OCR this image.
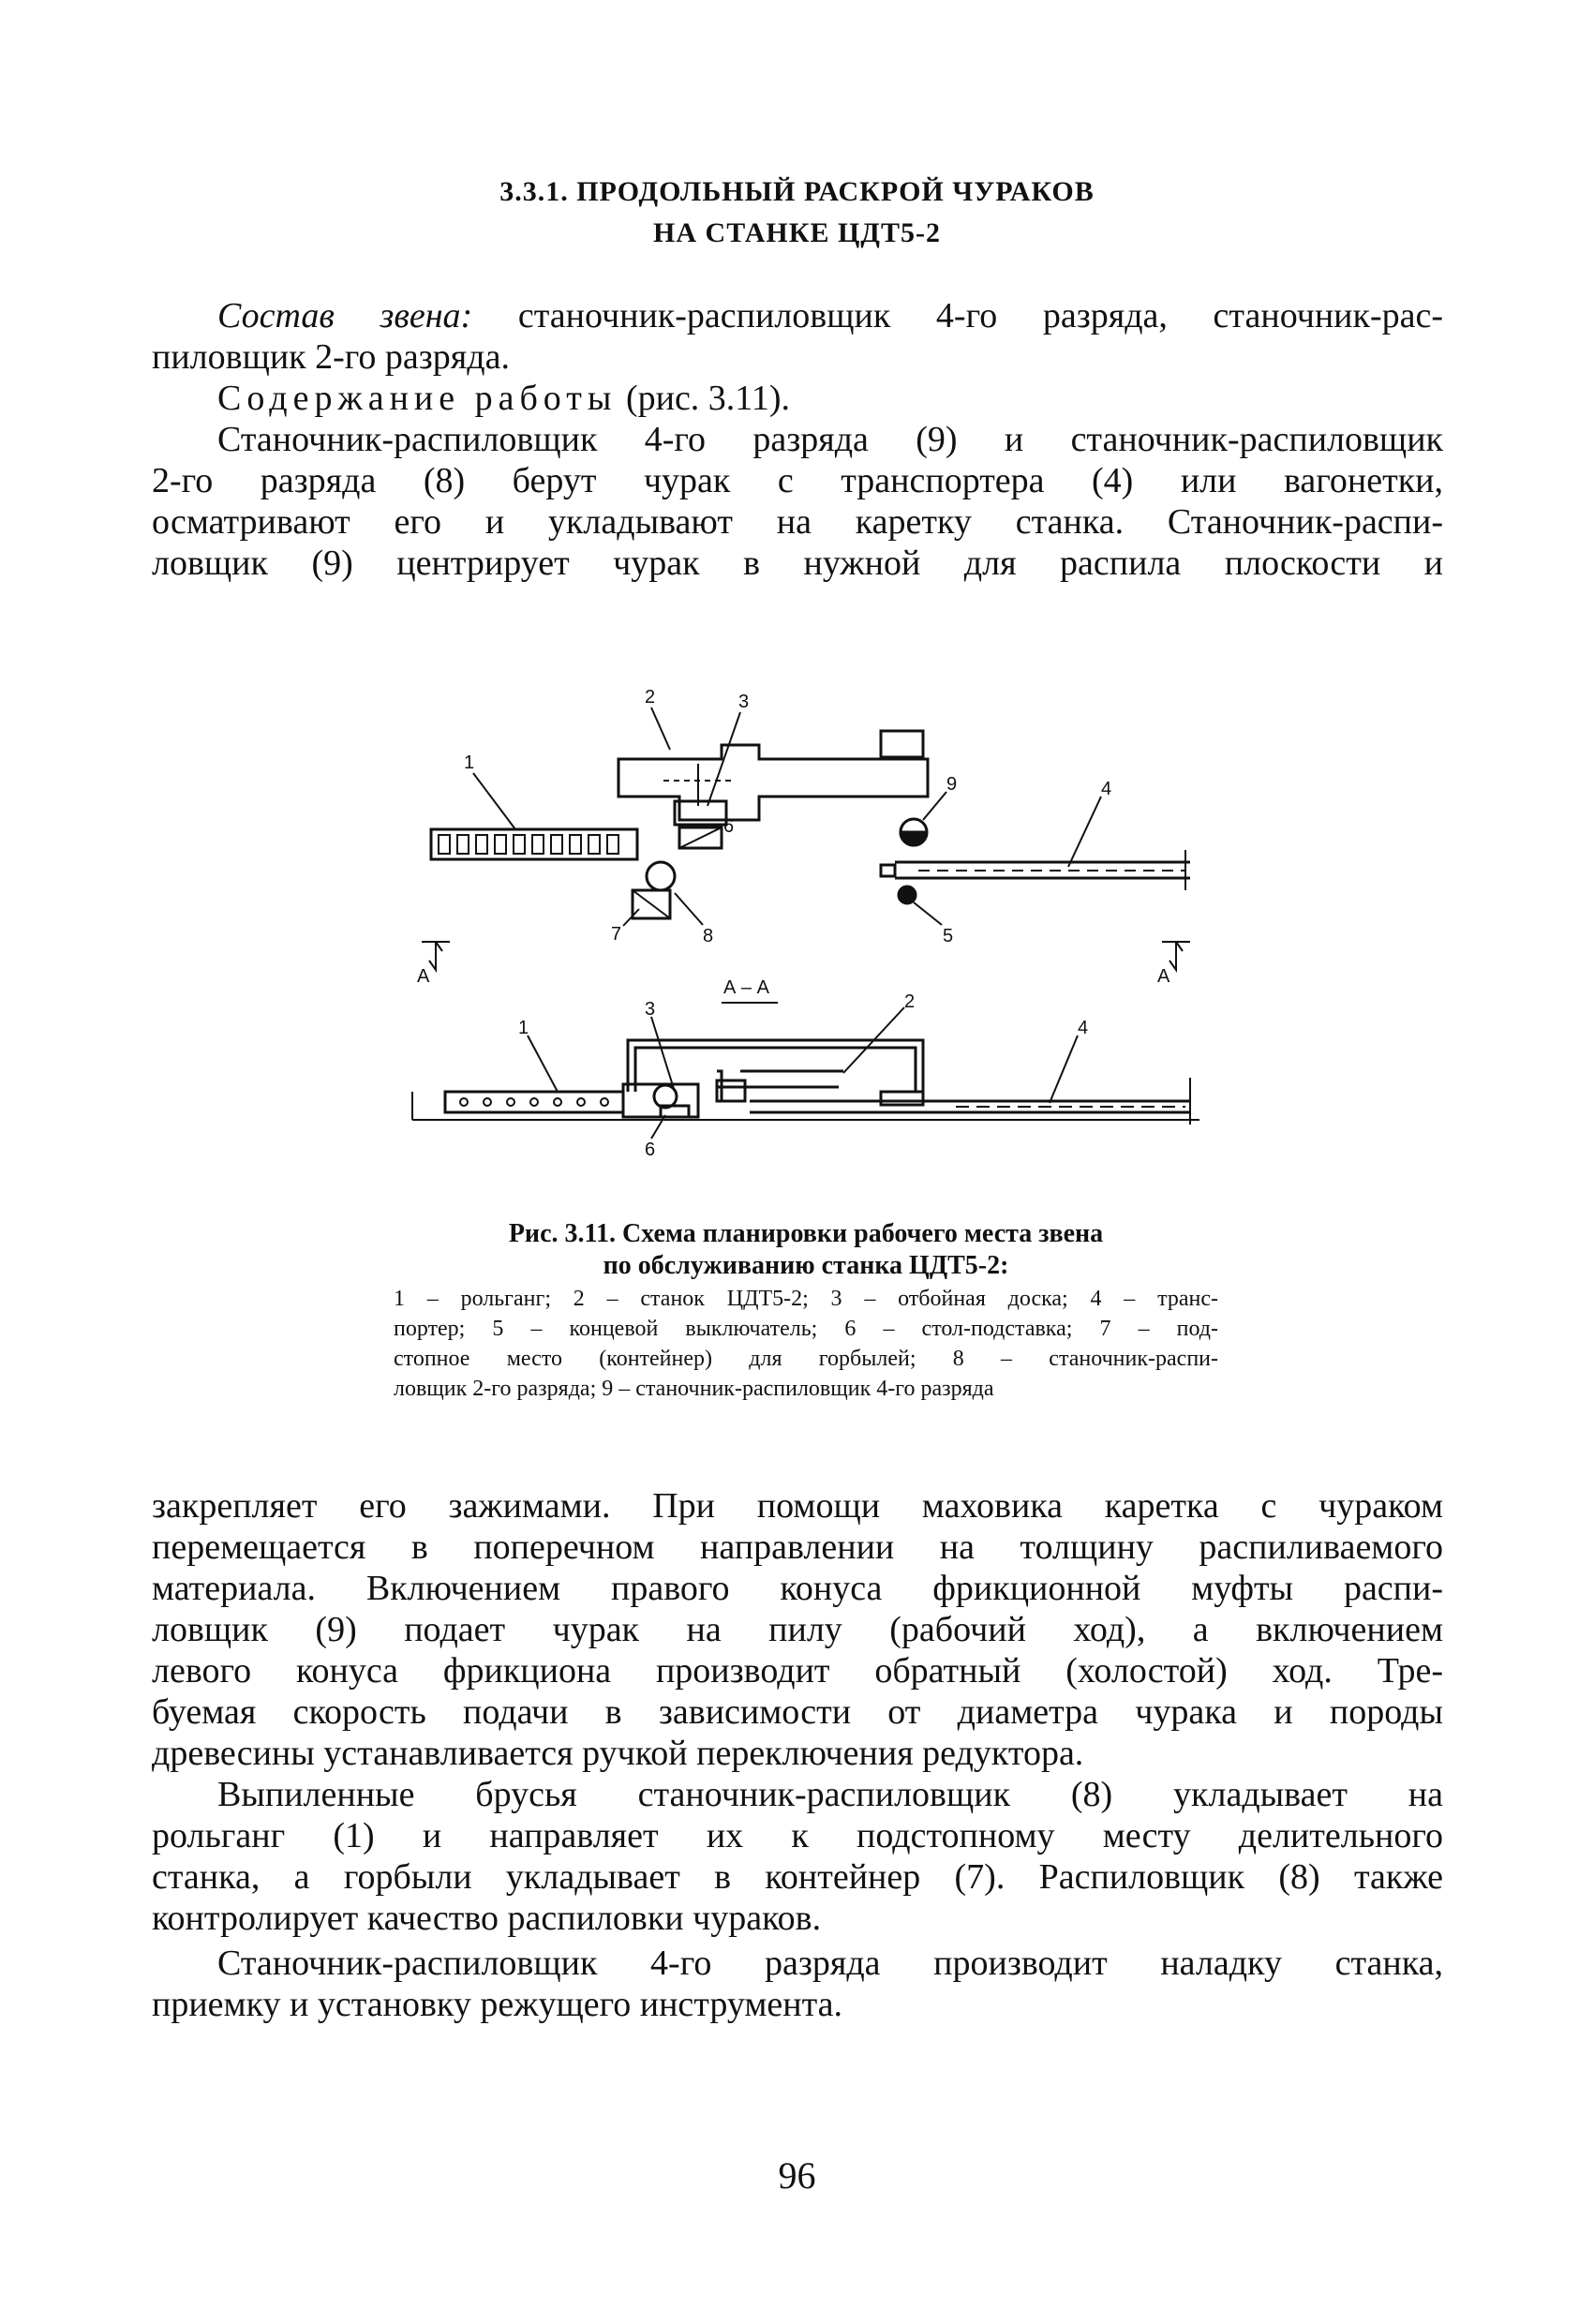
3.3.1. ПРОДОЛЬНЫЙ РАСКРОЙ ЧУРАКОВ
НА СТАНКЕ ЦДТ5-2
Состав звена: станочник-распиловщик 4-го разряда, станочник-рас-
пиловщик 2-го разряда.
Содержание работы (рис. 3.11).
Станочник-распиловщик 4-го разряда (9) и станочник-распиловщик
2-го разряда (8) берут чурак с транспортера (4) или вагонетки,
осматривают его и укладывают на каретку станка. Станочник-распи-
ловщик (9) центрирует чурак в нужной для распила плоскости и
1
2	3
9	4
6
5
7	8
А	А
А – А
1
3	2
4
6
Рис. 3.11. Схема планировки рабочего места звена
по обслуживанию станка ЦДТ5-2:
1 – рольганг; 2 – станок ЦДТ5-2; 3 – отбойная доска; 4 – транс-
портер; 5 – концевой выключатель; 6 – стол-подставка; 7 – под-
стопное место (контейнер) для горбылей; 8 – станочник-распи-
ловщик 2-го разряда; 9 – станочник-распиловщик 4-го разряда
закрепляет его зажимами. При помощи маховика каретка с чураком
перемещается в поперечном направлении на толщину распиливаемого
материала. Включением правого конуса фрикционной муфты распи-
ловщик (9) подает чурак на пилу (рабочий ход), а включением
левого конуса фрикциона производит обратный (холостой) ход. Тре-
буемая скорость подачи в зависимости от диаметра чурака и породы
древесины устанавливается ручкой переключения редуктора.
Выпиленные брусья станочник-распиловщик (8) укладывает на
рольганг (1) и направляет их к подстопному месту делительного
станка, а горбыли укладывает в контейнер (7). Распиловщик (8) также
контролирует качество распиловки чураков.
Станочник-распиловщик 4-го разряда производит наладку станка,
приемку и установку режущего инструмента.
96
